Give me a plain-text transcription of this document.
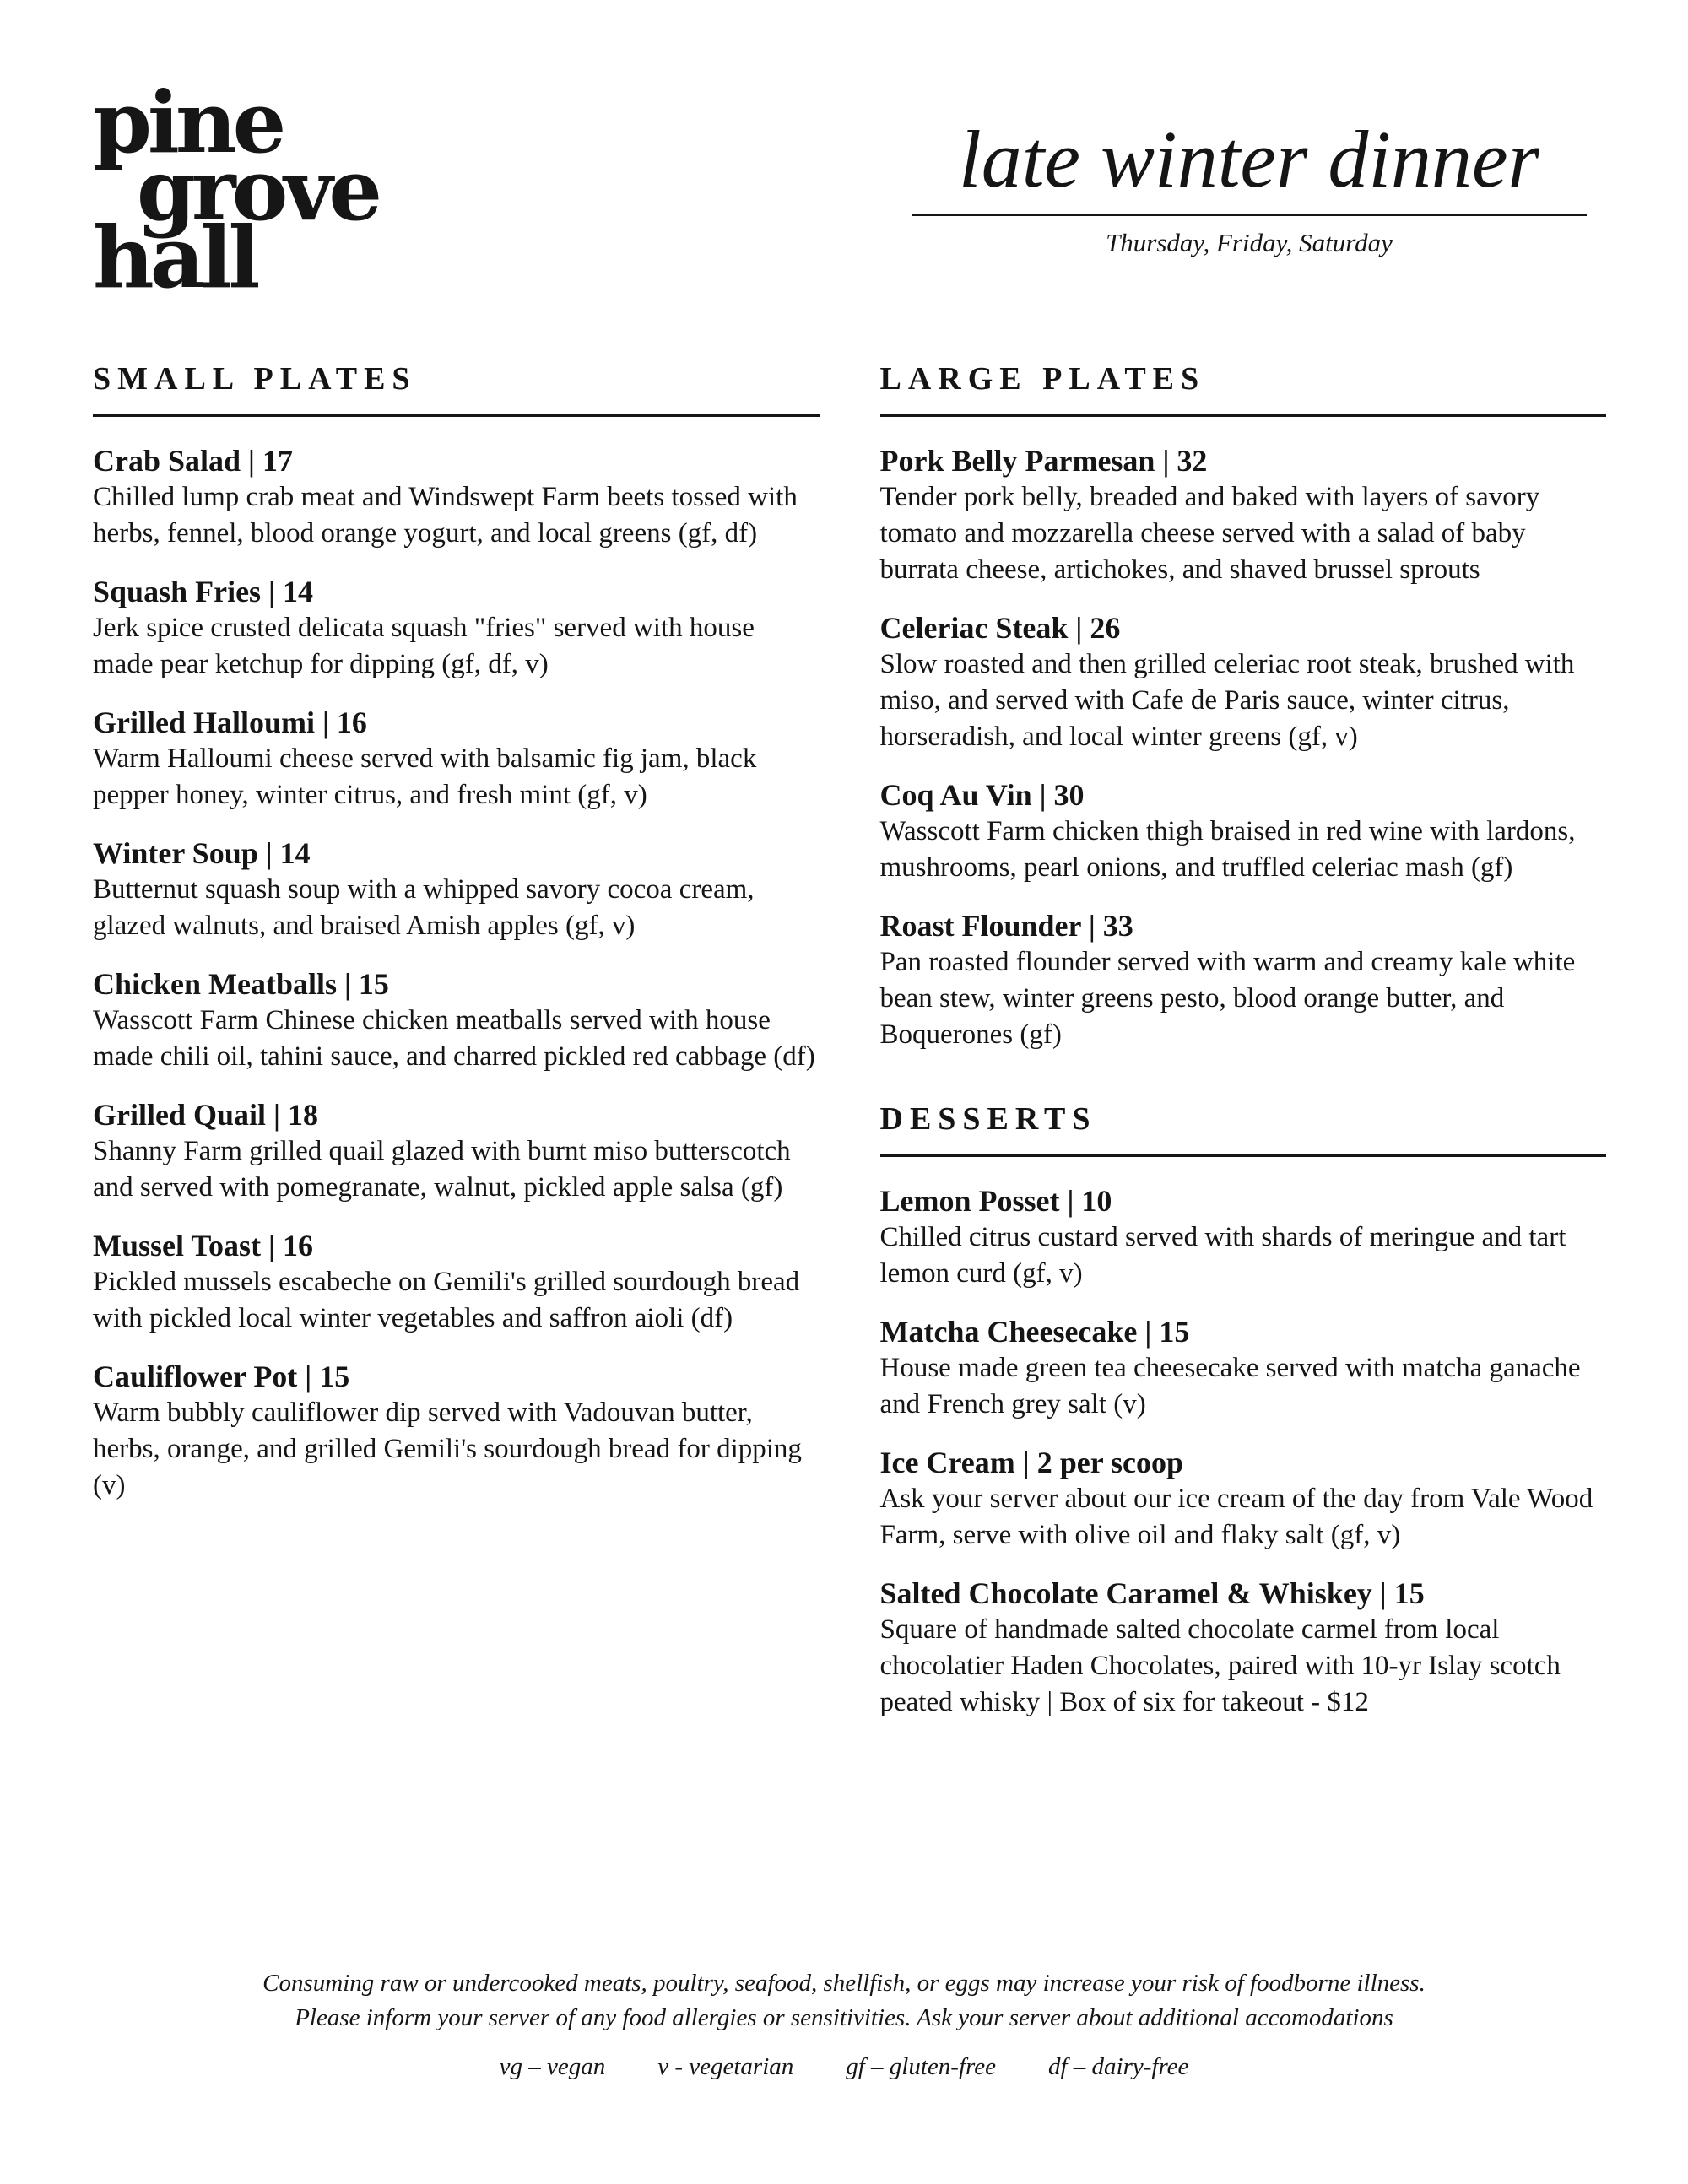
pine
grove
hall
late winter dinner

Thursday, Friday, Saturday

SMALL PLATES
Crab Salad | 17

Chilled lump crab meat and Windswept Farm beets tossed with herbs, fennel, blood orange yogurt, and local greens (gf, df)

Squash Fries | 14

Jerk spice crusted delicata squash "fries" served with house made pear ketchup for dipping (gf, df, v)

Grilled Halloumi | 16

Warm Halloumi cheese served with balsamic fig jam, black pepper honey, winter citrus, and fresh mint (gf, v)

Winter Soup | 14

Butternut squash soup with a whipped savory cocoa cream, glazed walnuts, and braised Amish apples (gf, v)

Chicken Meatballs | 15

Wasscott Farm Chinese chicken meatballs served with house made chili oil, tahini sauce, and charred pickled red cabbage (df)

Grilled Quail | 18

Shanny Farm grilled quail glazed with burnt miso butterscotch and served with pomegranate, walnut, pickled apple salsa (gf)

Mussel Toast | 16

Pickled mussels escabeche on Gemili's grilled sourdough bread with pickled local winter vegetables and saffron aioli (df)

Cauliflower Pot | 15

Warm bubbly cauliflower dip served with Vadouvan butter, herbs, orange, and grilled Gemili's sourdough bread for dipping (v)

LARGE PLATES
Pork Belly Parmesan | 32

Tender pork belly, breaded and baked with layers of savory tomato and mozzarella cheese served with a salad of baby burrata cheese, artichokes, and shaved brussel sprouts

Celeriac Steak | 26

Slow roasted and then grilled celeriac root steak, brushed with miso, and served with Cafe de Paris sauce, winter citrus, horseradish, and local winter greens (gf, v)

Coq Au Vin | 30

Wasscott Farm chicken thigh braised in red wine with lardons, mushrooms, pearl onions, and truffled celeriac mash (gf)

Roast Flounder | 33

Pan roasted flounder served with warm and creamy kale white bean stew, winter greens pesto, blood orange butter, and Boquerones (gf)

DESSERTS
Lemon Posset | 10

Chilled citrus custard served with shards of meringue and tart lemon curd (gf, v)

Matcha Cheesecake | 15

House made green tea cheesecake served with matcha ganache and French grey salt (v)

Ice Cream | 2 per scoop

Ask your server about our ice cream of the day from Vale Wood Farm, serve with olive oil and flaky salt (gf, v)

Salted Chocolate Caramel & Whiskey | 15

Square of handmade salted chocolate carmel from local chocolatier Haden Chocolates, paired with 10-yr Islay scotch peated whisky | Box of six for takeout - $12

Consuming raw or undercooked meats, poultry, seafood, shellfish, or eggs may increase your risk of foodborne illness.
Please inform your server of any food allergies or sensitivities. Ask your server about additional accomodations
vg – vegan v - vegetarian gf – gluten-free df – dairy-free
